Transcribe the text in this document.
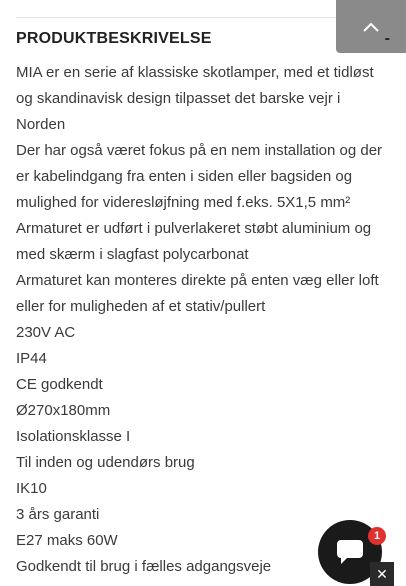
PRODUKTBESKRIVELSE	-

MIA er en serie af klassiske skotlamper, med et tidløst

og skandinavisk design tilpasset det barske vejr i Norden

Der har også været fokus på en nem installation og der

er kabelindgang fra enten i siden eller bagsiden og

mulighed for videresløjfning med f.eks. 5X1,5 mm²

Armaturet er udført i pulverlakeret støbt aluminium og

med skærm i slagfast polycarbonat

Armaturet kan monteres direkte på enten væg eller loft

eller for muligheden af et stativ/pullert

230V AC

IP44

CE godkendt

Ø270x180mm

Isolationsklasse I

Til inden og udendørs brug

IK10

3 års garanti

E27 maks 60W

Godkendt til brug i fælles adgangsveje

1
✕
